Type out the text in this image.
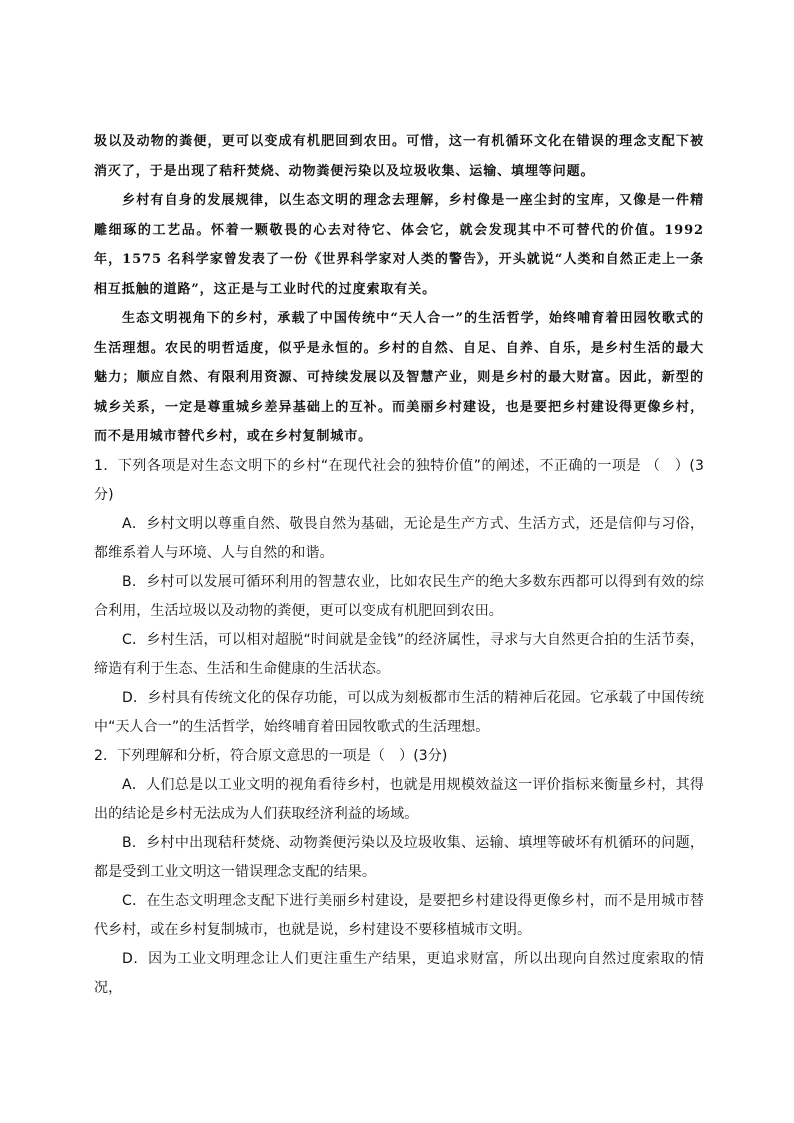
圾以及动物的粪便，更可以变成有机肥回到农田。可惜，这一有机循环文化在错误的理念支配下被消灭了，于是出现了秸秆焚烧、动物粪便污染以及垃圾收集、运输、填埋等问题。

乡村有自身的发展规律，以生态文明的理念去理解，乡村像是一座尘封的宝库，又像是一件精雕细琢的工艺品。怀着一颗敬畏的心去对待它、体会它，就会发现其中不可替代的价值。1992 年，1575 名科学家曾发表了一份《世界科学家对人类的警告》，开头就说“人类和自然正走上一条相互抵触的道路”，这正是与工业时代的过度索取有关。

生态文明视角下的乡村，承载了中国传统中“天人合一”的生活哲学，始终哺育着田园牧歌式的生活理想。农民的明哲适度，似乎是永恒的。乡村的自然、自足、自养、自乐，是乡村生活的最大魅力；顺应自然、有限利用资源、可持续发展以及智慧产业，则是乡村的最大财富。因此，新型的城乡关系，一定是尊重城乡差异基础上的互补。而美丽乡村建设，也是要把乡村建设得更像乡村，而不是用城市替代乡村，或在乡村复制城市。

1．下列各项是对生态文明下的乡村“在现代社会的独特价值”的阐述，不正确的一项是 （　）(3分)

A．乡村文明以尊重自然、敬畏自然为基础，无论是生产方式、生活方式，还是信仰与习俗，都维系着人与环境、人与自然的和谐。

B．乡村可以发展可循环利用的智慧农业，比如农民生产的绝大多数东西都可以得到有效的综合利用，生活垃圾以及动物的粪便，更可以变成有机肥回到农田。

C．乡村生活，可以相对超脱“时间就是金钱”的经济属性，寻求与大自然更合拍的生活节奏，缔造有利于生态、生活和生命健康的生活状态。

D．乡村具有传统文化的保存功能，可以成为刻板都市生活的精神后花园。它承载了中国传统中“天人合一”的生活哲学，始终哺育着田园牧歌式的生活理想。

2．下列理解和分析，符合原文意思的一项是（　）(3分)

A．人们总是以工业文明的视角看待乡村，也就是用规模效益这一评价指标来衡量乡村，其得出的结论是乡村无法成为人们获取经济利益的场域。

B．乡村中出现秸秆焚烧、动物粪便污染以及垃圾收集、运输、填埋等破坏有机循环的问题，都是受到工业文明这一错误理念支配的结果。

C．在生态文明理念支配下进行美丽乡村建设，是要把乡村建设得更像乡村，而不是用城市替代乡村，或在乡村复制城市，也就是说，乡村建设不要移植城市文明。

D．因为工业文明理念让人们更注重生产结果，更追求财富，所以出现向自然过度索取的情况，
